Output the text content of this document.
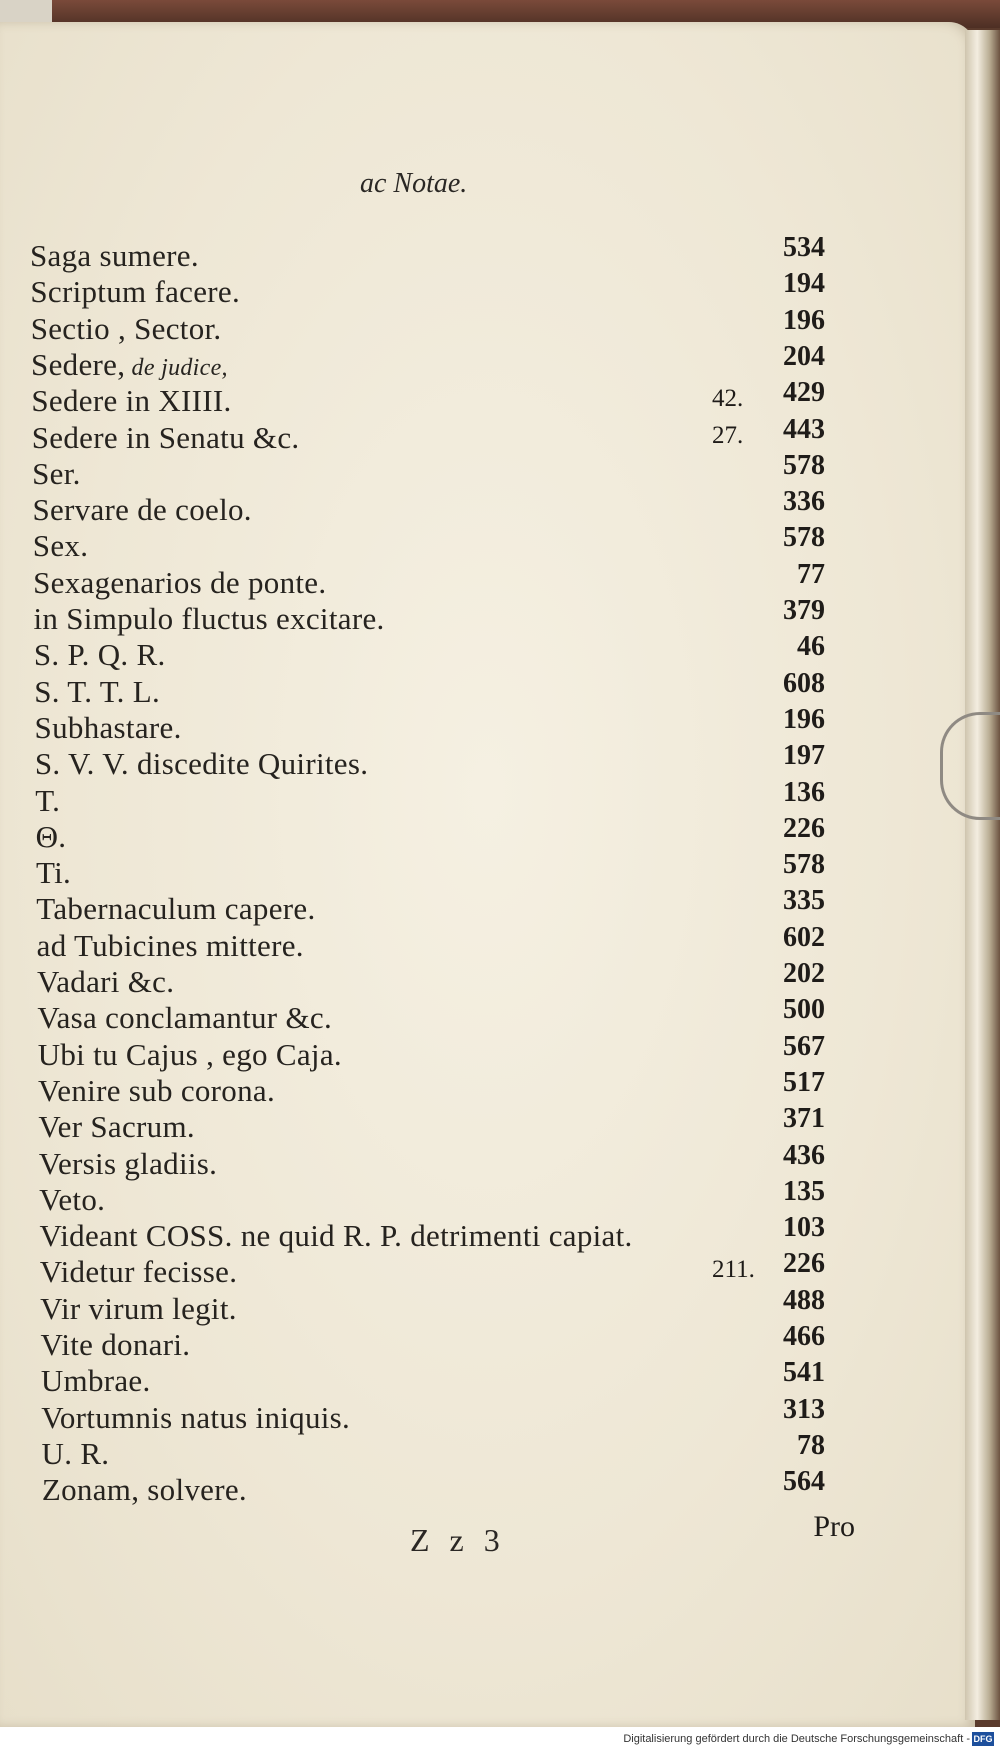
ac Notae.
Saga sumere.	534
Scriptum facere.	194
Sectio , Sector.	196
Sedere, de judice,	204
Sedere in XIIII.	42. 429
Sedere in Senatu &c.	27. 443
Ser.	578
Servare de coelo.	336
Sex.	578
Sexagenarios de ponte.	77
in Simpulo fluctus excitare.	379
S. P. Q. R.	46
S. T. T. L.	608
Subhastare.	196
S. V. V. discedite Quirites.	197
T.	136
Θ.	226
Ti.	578
Tabernaculum capere.	335
ad Tubicines mittere.	602
Vadari &c.	202
Vasa conclamantur &c.	500
Ubi tu Cajus , ego Caja.	567
Venire sub corona.	517
Ver Sacrum.	371
Versis gladiis.	436
Veto.	135
Videant COSS. ne quid R. P. detrimenti capiat.	103
Videtur fecisse.	211. 226
Vir virum legit.	488
Vite donari.	466
Umbrae.	541
Vortumnis natus iniquis.	313
U. R.	78
Zonam, solvere.	564
Z z 3	Pro
Digitalisierung gefördert durch die Deutsche Forschungsgemeinschaft - DFG
